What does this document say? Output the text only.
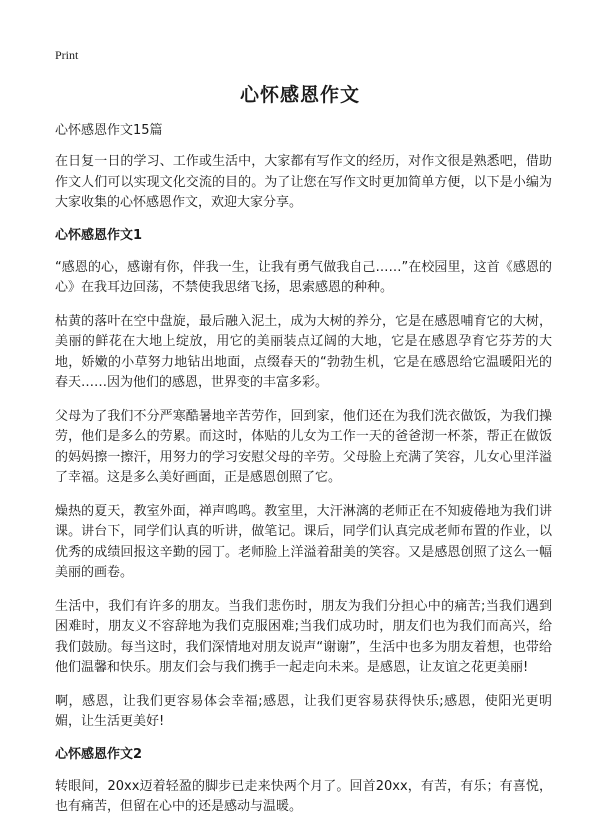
Print
心怀感恩作文
心怀感恩作文15篇

在日复一日的学习、工作或生活中，大家都有写作文的经历，对作文很是熟悉吧，借助作文人们可以实现文化交流的目的。为了让您在写作文时更加简单方便，以下是小编为大家收集的心怀感恩作文，欢迎大家分享。

心怀感恩作文1

“感恩的心，感谢有你，伴我一生，让我有勇气做我自己……”在校园里，这首《感恩的心》在我耳边回荡，不禁使我思绪飞扬，思索感恩的种种。

枯黄的落叶在空中盘旋，最后融入泥土，成为大树的养分，它是在感恩哺育它的大树，美丽的鲜花在大地上绽放，用它的美丽装点辽阔的大地，它是在感恩孕育它芬芳的大地，娇嫩的小草努力地钻出地面，点缀春天的“勃勃生机，它是在感恩给它温暖阳光的春天……因为他们的感恩，世界变的丰富多彩。

父母为了我们不分严寒酷暑地辛苦劳作，回到家，他们还在为我们洗衣做饭，为我们操劳，他们是多么的劳累。而这时，体贴的儿女为工作一天的爸爸沏一杯茶，帮正在做饭的妈妈擦一擦汗，用努力的学习安慰父母的辛劳。父母脸上充满了笑容，儿女心里洋溢了幸福。这是多么美好画面，正是感恩创照了它。

燥热的夏天，教室外面，禅声鸣鸣。教室里，大汗淋漓的老师正在不知疲倦地为我们讲课。讲台下，同学们认真的听讲，做笔记。课后，同学们认真完成老师布置的作业，以优秀的成绩回报这辛勤的园丁。老师脸上洋溢着甜美的笑容。又是感恩创照了这么一幅美丽的画卷。

生活中，我们有许多的朋友。当我们悲伤时，朋友为我们分担心中的痛苦;当我们遇到困难时，朋友义不容辞地为我们克服困难;当我们成功时，朋友们也为我们而高兴，给我们鼓励。每当这时，我们深情地对朋友说声“谢谢”，生活中也多为朋友着想，也带给他们温馨和快乐。朋友们会与我们携手一起走向未来。是感恩，让友谊之花更美丽!

啊，感恩，让我们更容易体会幸福;感恩，让我们更容易获得快乐;感恩，使阳光更明媚，让生活更美好!

心怀感恩作文2

转眼间，20xx迈着轻盈的脚步已走来快两个月了。回首20xx，有苦，有乐；有喜悦，也有痛苦，但留在心中的还是感动与温暖。
